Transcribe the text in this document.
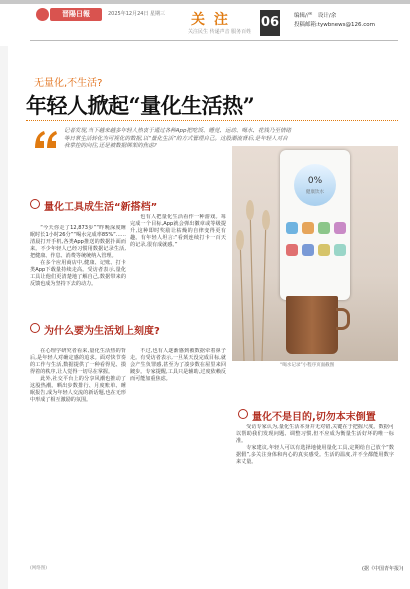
晋陽日報	2025年12月24日 星期三 关 注
关注民生 传递声音 服务百姓
06	编辑/严　设计/余
投稿邮箱:tywbnews@126.com
无量化,不生活?
年轻人掀起“量化生活热”
记者发现,当下越来越多年轻人热衷于通过各种App把吃饭、睡觉、运动、喝水、花钱乃至情绪等日常生活转化为可视化的数据,以“量化生活”的方式管理自己。这股潮流背后,是年轻人对自我掌控的向往,还是被数据绑架的焦虑?
量化工具成生活“新搭档”

“今天你走了12,873步”“昨晚深度睡眠时长1小时26分”“喝水完成率85%”……清晨打开手机,各类App推送的数据扑面而来。不少年轻人已经习惯用数据记录生活,把健康、作息、消费等统统纳入管理。

在多个应用商店中,健康、记账、打卡类App下载量持续走高。受访者表示,量化工具让他们更清楚地了解自己,数据带来的反馈也成为坚持下去的动力。

也有人把量化生活看作一种游戏。每完成一个目标,App就会弹出徽章或等级提升,这种即时奖励让枯燥的自律变得更有趣。有年轻人坦言:“看到连续打卡一百天的记录,很有成就感。”

为什么要为生活划上刻度?

在心理学研究者看来,量化生活热的背后,是年轻人对确定感的追求。面对快节奏的工作与生活,数据提供了一种看得见、摸得着的秩序,让人觉得一切尽在掌握。

此外,社交平台上的分享风潮也推动了这股热潮。晒出步数排行、月度账单、睡眠报告,成为年轻人交流的新话题,也在无形中形成了相互激励的氛围。

不过,也有人逐渐感到被数据牵着鼻子走。有受访者表示,一旦某天没完成目标,就会产生负罪感,甚至为了凑步数在屋里来回踱步。专家提醒,工具只是辅助,过度依赖反而可能加重焦虑。

0%
健康饮水
“喝水记录”小程序页面截图
量化不是目的,切勿本末倒置

受访专家认为,量化生活本身并无对错,关键在于把握尺度。数据可以帮助我们发现问题、调整习惯,但不应成为衡量生活好坏的唯一标准。

专家建议,年轻人可以有选择地使用量化工具,定期给自己放个“数据假”,多关注身体和内心的真实感受。生活的温度,并不全都能用数字来丈量。

(网络图)	(据《中国青年报》)
